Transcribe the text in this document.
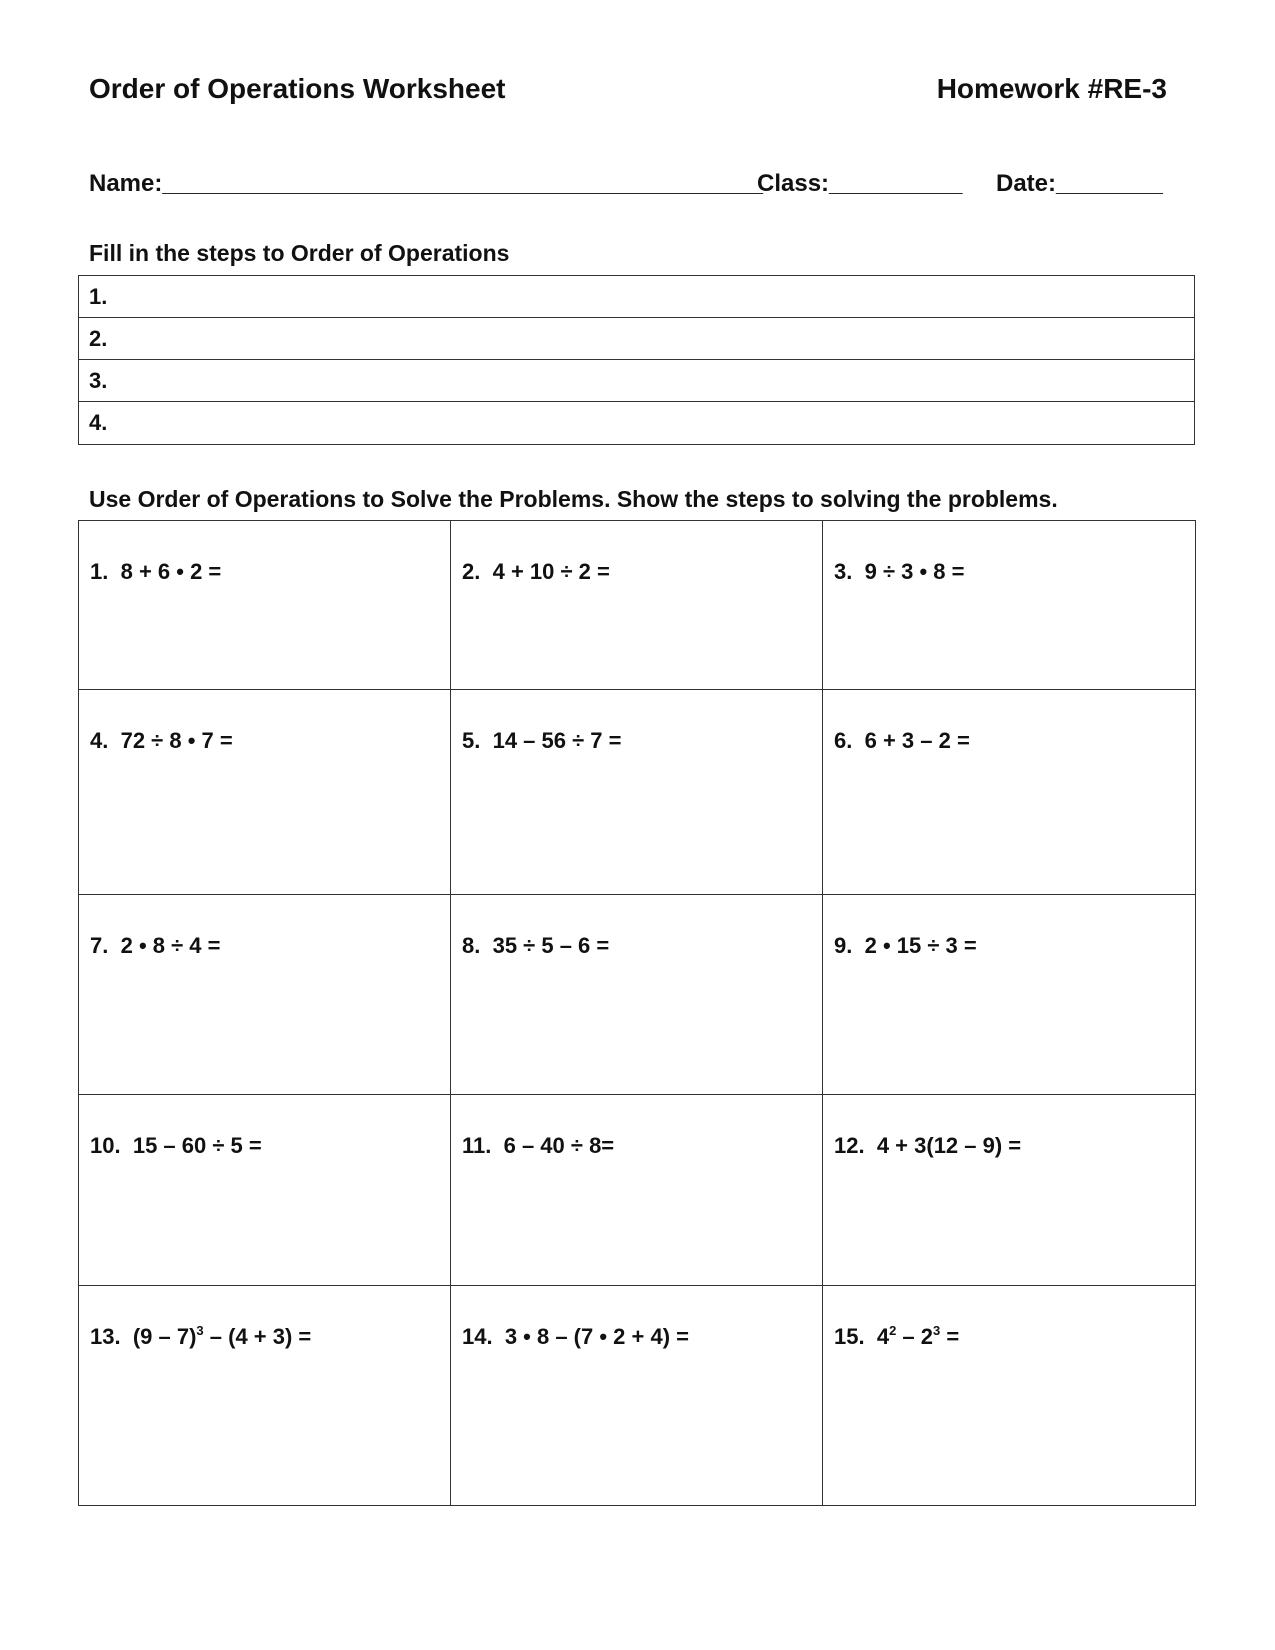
Order of Operations Worksheet	Homework #RE-3
Name:_____________________________________________
Class:__________ Date:________
Fill in the steps to Order of Operations
1.
2.
3.
4.
Use Order of Operations to Solve the Problems. Show the steps to solving the problems.
1. 8 + 6 • 2 =	2. 4 + 10 ÷ 2 =	3. 9 ÷ 3 • 8 =
4. 72 ÷ 8 • 7 =	5. 14 – 56 ÷ 7 =	6. 6 + 3 – 2 =
7. 2 • 8 ÷ 4 =	8. 35 ÷ 5 – 6 =	9. 2 • 15 ÷ 3 =
10. 15 – 60 ÷ 5 =	11. 6 – 40 ÷ 8=	12. 4 + 3(12 – 9) =
13. (9 – 7)$^3$ – (4 + 3) =	14. 3 • 8 – (7 • 2 + 4) =	15. $4^2 - 2^3$ =
